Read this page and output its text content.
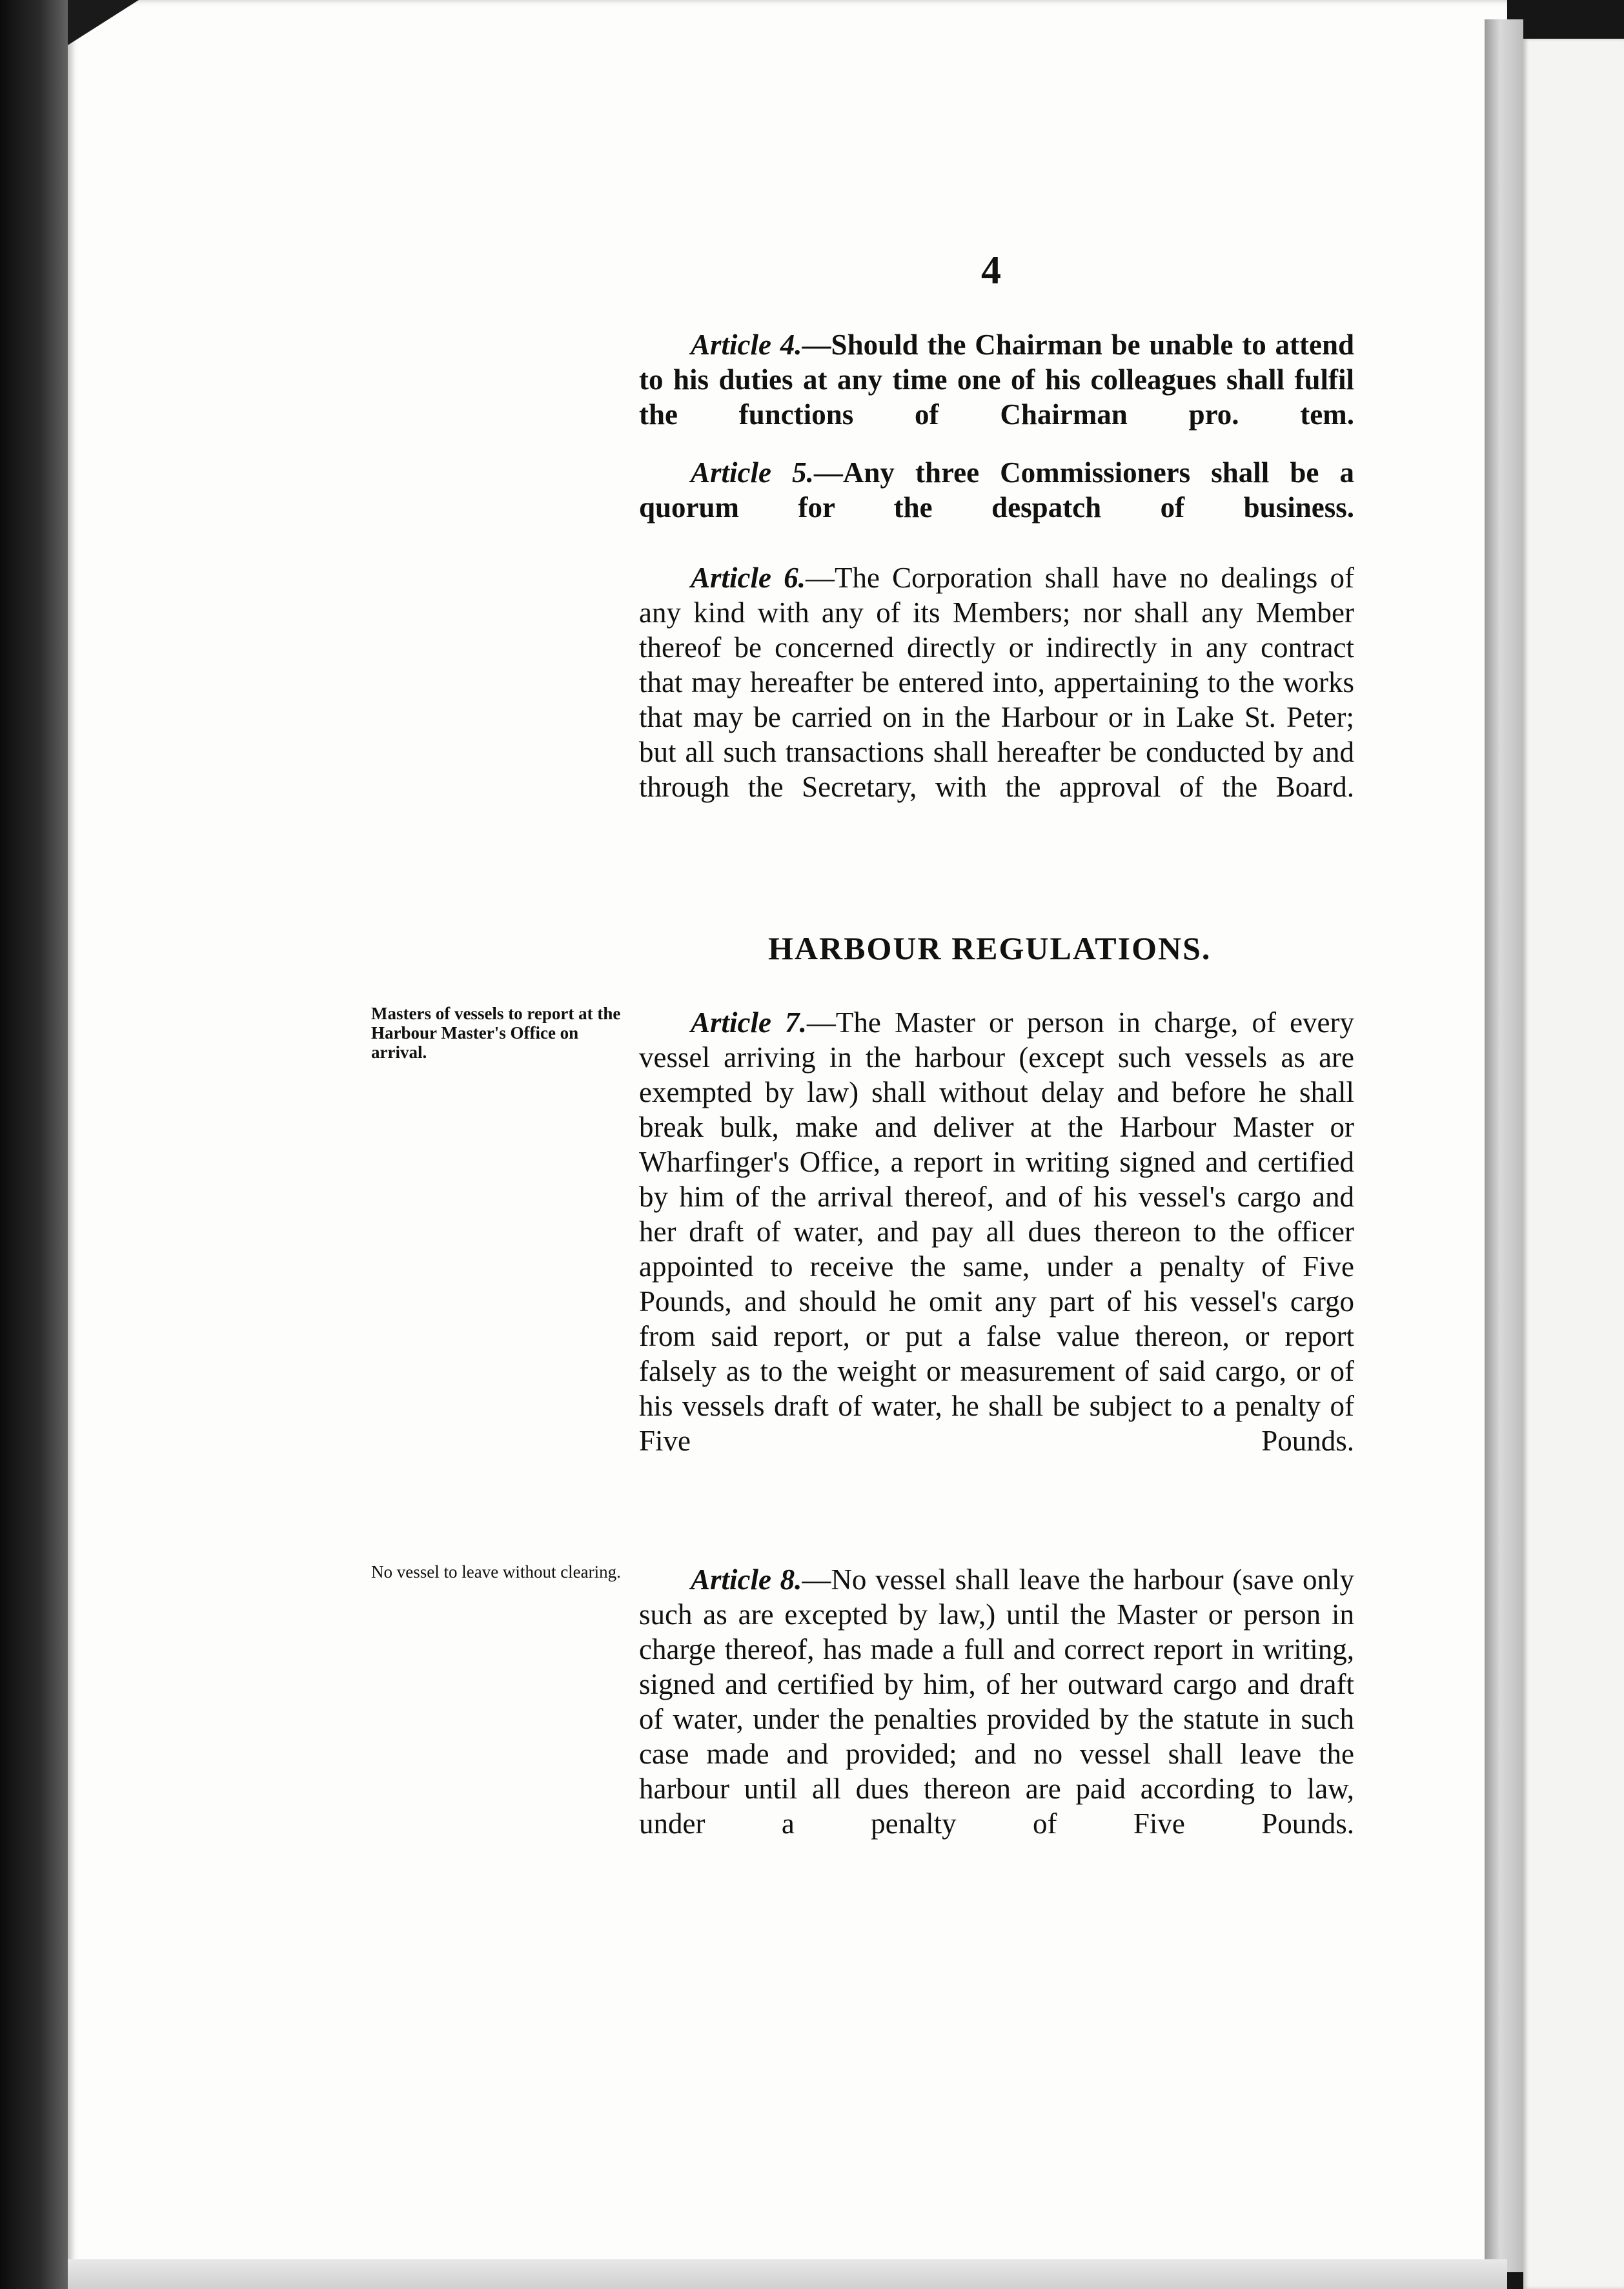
4

Article 4.—Should the Chairman be unable to attend to his duties at any time one of his colleagues shall fulfil the functions of Chairman pro. tem.

Article 5.—Any three Commissioners shall be a quorum for the despatch of business.

Article 6.—The Corporation shall have no dealings of any kind with any of its Members; nor shall any Member thereof be concerned directly or indirectly in any contract that may hereafter be entered into, appertaining to the works that may be carried on in the Harbour or in Lake St. Peter; but all such transactions shall hereafter be conducted by and through the Secretary, with the approval of the Board.

HARBOUR REGULATIONS.
Masters of vessels to report at the Harbour Master's Office on arrival.

Article 7.—The Master or person in charge, of every vessel arriving in the harbour (except such vessels as are exempted by law) shall without delay and before he shall break bulk, make and deliver at the Harbour Master or Wharfinger's Office, a report in writing signed and certified by him of the arrival thereof, and of his vessel's cargo and her draft of water, and pay all dues thereon to the officer appointed to receive the same, under a penalty of Five Pounds, and should he omit any part of his vessel's cargo from said report, or put a false value thereon, or report falsely as to the weight or measurement of said cargo, or of his vessels draft of water, he shall be subject to a penalty of Five Pounds.

No vessel to leave without clearing.	Article 8.—No vessel shall leave the harbour (save only such as are excepted by law,) until the Master or person in charge thereof, has made a full and correct report in writing, signed and certified by him, of her outward cargo and draft of water, under the penalties provided by the statute in such case made and provided; and no vessel shall leave the harbour until all dues thereon are paid according to law, under a penalty of Five Pounds.
